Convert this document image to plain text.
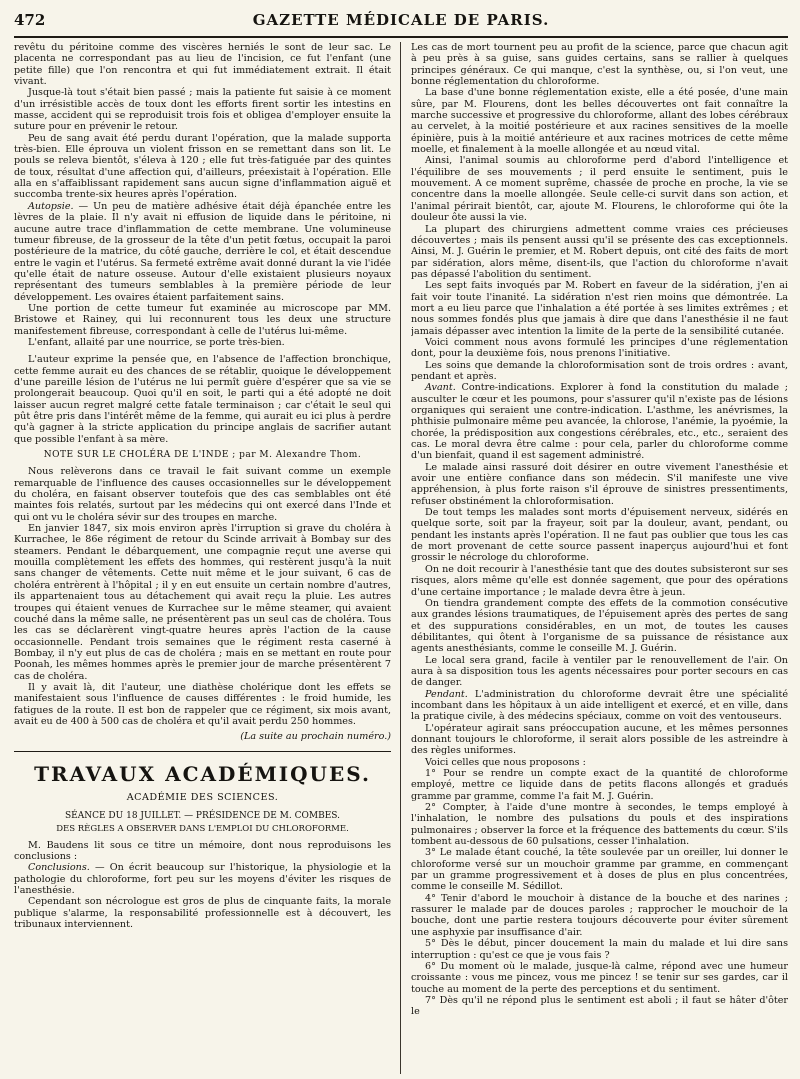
472	GAZETTE MÉDICALE DE PARIS.

revêtu du péritoine comme des viscères herniés le sont de leur sac. Le placenta ne correspondant pas au lieu de l'incision, ce fut l'enfant (une petite fille) que l'on rencontra et qui fut immédiatement extrait. Il était vivant.

Jusque-là tout s'était bien passé ; mais la patiente fut saisie à ce moment d'un irrésistible accès de toux dont les efforts firent sortir les intestins en masse, accident qui se reproduisit trois fois et obligea d'employer ensuite la suture pour en prévenir le retour.

Peu de sang avait été perdu durant l'opération, que la malade supporta très-bien. Elle éprouva un violent frisson en se remettant dans son lit. Le pouls se releva bientôt, s'éleva à 120 ; elle fut très-fatiguée par des quintes de toux, résultat d'une affection qui, d'ailleurs, préexistait à l'opération. Elle alla en s'affaiblissant rapidement sans aucun signe d'inflammation aiguë et succomba trente-six heures après l'opération.

Autopsie. — Un peu de matière adhésive était déjà épanchée entre les lèvres de la plaie. Il n'y avait ni effusion de liquide dans le péritoine, ni aucune autre trace d'inflammation de cette membrane. Une volumineuse tumeur fibreuse, de la grosseur de la tête d'un petit fœtus, occupait la paroi postérieure de la matrice, du côté gauche, derrière le col, et était descendue entre le vagin et l'utérus. Sa fermeté extrême avait donné durant la vie l'idée qu'elle était de nature osseuse. Autour d'elle existaient plusieurs noyaux représentant des tumeurs semblables à la première période de leur développement. Les ovaires étaient parfaitement sains.

Une portion de cette tumeur fut examinée au microscope par MM. Bristowe et Rainey, qui lui reconnurent tous les deux une structure manifestement fibreuse, correspondant à celle de l'utérus lui-même.

L'enfant, allaité par une nourrice, se porte très-bien.

L'auteur exprime la pensée que, en l'absence de l'affection bronchique, cette femme aurait eu des chances de se rétablir, quoique le développement d'une pareille lésion de l'utérus ne lui permît guère d'espérer que sa vie se prolongerait beaucoup. Quoi qu'il en soit, le parti qui a été adopté ne doit laisser aucun regret malgré cette fatale terminaison ; car c'était le seul qui pût être pris dans l'intérêt même de la femme, qui aurait eu ici plus à perdre qu'à gagner à la stricte application du principe anglais de sacrifier autant que possible l'enfant à sa mère.

NOTE SUR LE CHOLÉRA DE L'INDE ; par M. Alexandre Thom.

Nous relèverons dans ce travail le fait suivant comme un exemple remarquable de l'influence des causes occasionnelles sur le développement du choléra, en faisant observer toutefois que des cas semblables ont été maintes fois relatés, surtout par les médecins qui ont exercé dans l'Inde et qui ont vu le choléra sévir sur des troupes en marche.

En janvier 1847, six mois environ après l'irruption si grave du choléra à Kurrachee, le 86e régiment de retour du Scinde arrivait à Bombay sur des steamers. Pendant le débarquement, une compagnie reçut une averse qui mouilla complètement les effets des hommes, qui restèrent jusqu'à la nuit sans changer de vêtements. Cette nuit même et le jour suivant, 6 cas de choléra entrèrent à l'hôpital ; il y en eut ensuite un certain nombre d'autres, ils appartenaient tous au détachement qui avait reçu la pluie. Les autres troupes qui étaient venues de Kurrachee sur le même steamer, qui avaient couché dans la même salle, ne présentèrent pas un seul cas de choléra. Tous les cas se déclarèrent vingt-quatre heures après l'action de la cause occasionnelle. Pendant trois semaines que le régiment resta caserné à Bombay, il n'y eut plus de cas de choléra ; mais en se mettant en route pour Poonah, les mêmes hommes après le premier jour de marche présentèrent 7 cas de choléra.

Il y avait là, dit l'auteur, une diathèse cholérique dont les effets se manifestaient sous l'influence de causes différentes : le froid humide, les fatigues de la route. Il est bon de rappeler que ce régiment, six mois avant, avait eu de 400 à 500 cas de choléra et qu'il avait perdu 250 hommes.

(La suite au prochain numéro.)
TRAVAUX ACADÉMIQUES.
ACADÉMIE DES SCIENCES.
SÉANCE DU 18 JUILLET. — PRÉSIDENCE DE M. COMBES.
DES RÈGLES A OBSERVER DANS L'EMPLOI DU CHLOROFORME.

M. Baudens lit sous ce titre un mémoire, dont nous reproduisons les conclusions :

Conclusions. — On écrit beaucoup sur l'historique, la physiologie et la pathologie du chloroforme, fort peu sur les moyens d'éviter les risques de l'anesthésie.

Cependant son nécrologue est gros de plus de cinquante faits, la morale publique s'alarme, la responsabilité professionnelle est à découvert, les tribunaux interviennent.

Les cas de mort tournent peu au profit de la science, parce que chacun agit à peu près à sa guise, sans guides certains, sans se rallier à quelques principes généraux. Ce qui manque, c'est la synthèse, ou, si l'on veut, une bonne réglementation du chloroforme.

La base d'une bonne réglementation existe, elle a été posée, d'une main sûre, par M. Flourens, dont les belles découvertes ont fait connaître la marche successive et progressive du chloroforme, allant des lobes cérébraux au cervelet, à la moitié postérieure et aux racines sensitives de la moelle épinière, puis à la moitié antérieure et aux racines motrices de cette même moelle, et finalement à la moelle allongée et au nœud vital.

Ainsi, l'animal soumis au chloroforme perd d'abord l'intelligence et l'équilibre de ses mouvements ; il perd ensuite le sentiment, puis le mouvement. A ce moment suprême, chassée de proche en proche, la vie se concentre dans la moelle allongée. Seule celle-ci survit dans son action, et l'animal périrait bientôt, car, ajoute M. Flourens, le chloroforme qui ôte la douleur ôte aussi la vie.

La plupart des chirurgiens admettent comme vraies ces précieuses découvertes ; mais ils pensent aussi qu'il se présente des cas exceptionnels. Ainsi, M. J. Guérin le premier, et M. Robert depuis, ont cité des faits de mort par sidération, alors même, disent-ils, que l'action du chloroforme n'avait pas dépassé l'abolition du sentiment.

Les sept faits invoqués par M. Robert en faveur de la sidération, j'en ai fait voir toute l'inanité. La sidération n'est rien moins que démontrée. La mort a eu lieu parce que l'inhalation a été portée à ses limites extrêmes ; et nous sommes fondés plus que jamais à dire que dans l'anesthésie il ne faut jamais dépasser avec intention la limite de la perte de la sensibilité cutanée.

Voici comment nous avons formulé les principes d'une réglementation dont, pour la deuxième fois, nous prenons l'initiative.

Les soins que demande la chloroformisation sont de trois ordres : avant, pendant et après.

Avant. Contre-indications. Explorer à fond la constitution du malade ; ausculter le cœur et les poumons, pour s'assurer qu'il n'existe pas de lésions organiques qui seraient une contre-indication. L'asthme, les anévrismes, la phthisie pulmonaire même peu avancée, la chlorose, l'anémie, la pyoémie, la chorée, la prédisposition aux congestions cérébrales, etc., etc., seraient des cas. Le moral devra être calme : pour cela, parler du chloroforme comme d'un bienfait, quand il est sagement administré.

Le malade ainsi rassuré doit désirer en outre vivement l'anesthésie et avoir une entière confiance dans son médecin. S'il manifeste une vive appréhension, à plus forte raison s'il éprouve de sinistres pressentiments, refuser obstinément la chloroformisation.

De tout temps les malades sont morts d'épuisement nerveux, sidérés en quelque sorte, soit par la frayeur, soit par la douleur, avant, pendant, ou pendant les instants après l'opération. Il ne faut pas oublier que tous les cas de mort provenant de cette source passent inaperçus aujourd'hui et font grossir le nécrologe du chloroforme.

On ne doit recourir à l'anesthésie tant que des doutes subsisteront sur ses risques, alors même qu'elle est donnée sagement, que pour des opérations d'une certaine importance ; le malade devra être à jeun.

On tiendra grandement compte des effets de la commotion consécutive aux grandes lésions traumatiques, de l'épuisement après des pertes de sang et des suppurations considérables, en un mot, de toutes les causes débilitantes, qui ôtent à l'organisme de sa puissance de résistance aux agents anesthésiants, comme le conseille M. J. Guérin.

Le local sera grand, facile à ventiler par le renouvellement de l'air. On aura à sa disposition tous les agents nécessaires pour porter secours en cas de danger.

Pendant. L'administration du chloroforme devrait être une spécialité incombant dans les hôpitaux à un aide intelligent et exercé, et en ville, dans la pratique civile, à des médecins spéciaux, comme on voit des ventouseurs.

L'opérateur agirait sans préoccupation aucune, et les mêmes personnes donnant toujours le chloroforme, il serait alors possible de les astreindre à des règles uniformes.

Voici celles que nous proposons :

1° Pour se rendre un compte exact de la quantité de chloroforme employé, mettre ce liquide dans de petits flacons allongés et gradués gramme par gramme, comme l'a fait M. J. Guérin.

2° Compter, à l'aide d'une montre à secondes, le temps employé à l'inhalation, le nombre des pulsations du pouls et des inspirations pulmonaires ; observer la force et la fréquence des battements du cœur. S'ils tombent au-dessous de 60 pulsations, cesser l'inhalation.

3° Le malade étant couché, la tête soulevée par un oreiller, lui donner le chloroforme versé sur un mouchoir gramme par gramme, en commençant par un gramme progressivement et à doses de plus en plus concentrées, comme le conseille M. Sédillot.

4° Tenir d'abord le mouchoir à distance de la bouche et des narines ; rassurer le malade par de douces paroles ; rapprocher le mouchoir de la bouche, dont une partie restera toujours découverte pour éviter sûrement une asphyxie par insuffisance d'air.

5° Dès le début, pincer doucement la main du malade et lui dire sans interruption : qu'est ce que je vous fais ?

6° Du moment où le malade, jusque-là calme, répond avec une humeur croissante : vous me pincez, vous me pincez ! se tenir sur ses gardes, car il touche au moment de la perte des perceptions et du sentiment.

7° Dès qu'il ne répond plus le sentiment est aboli ; il faut se hâter d'ôter le
